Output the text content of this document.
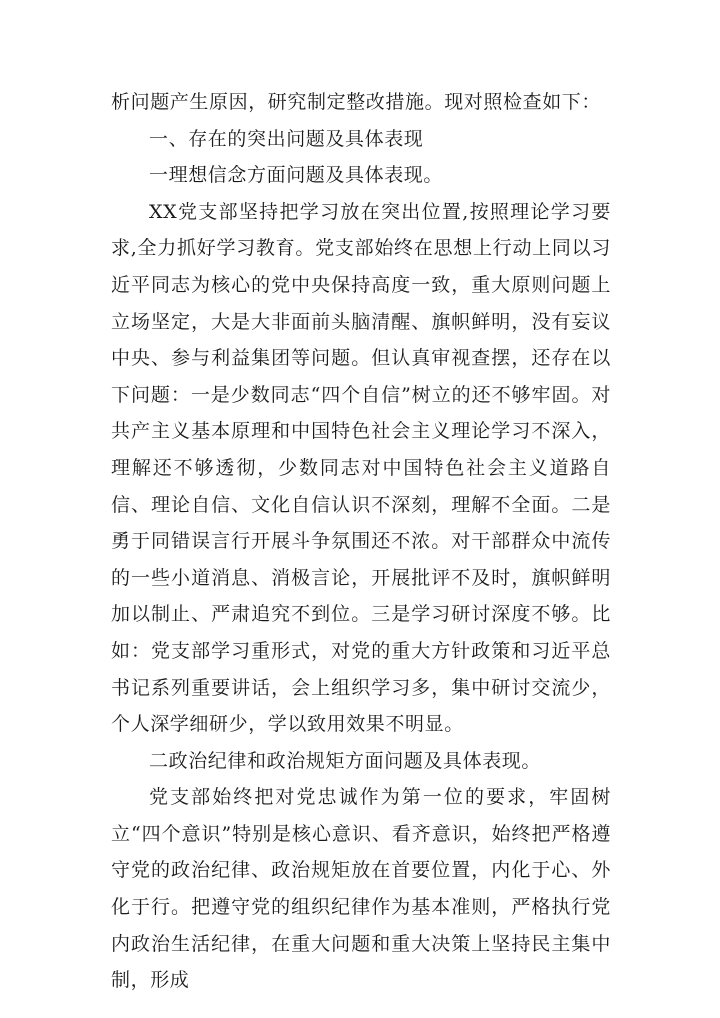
析问题产生原因，研究制定整改措施。现对照检查如下：

一、存在的突出问题及具体表现

一理想信念方面问题及具体表现。

XX党支部坚持把学习放在突出位置,按照理论学习要求,全力抓好学习教育。党支部始终在思想上行动上同以习近平同志为核心的党中央保持高度一致，重大原则问题上立场坚定，大是大非面前头脑清醒、旗帜鲜明，没有妄议中央、参与利益集团等问题。但认真审视查摆，还存在以下问题：一是少数同志“四个自信”树立的还不够牢固。对共产主义基本原理和中国特色社会主义理论学习不深入，理解还不够透彻，少数同志对中国特色社会主义道路自信、理论自信、文化自信认识不深刻，理解不全面。二是勇于同错误言行开展斗争氛围还不浓。对干部群众中流传的一些小道消息、消极言论，开展批评不及时，旗帜鲜明加以制止、严肃追究不到位。三是学习研讨深度不够。比如：党支部学习重形式，对党的重大方针政策和习近平总书记系列重要讲话，会上组织学习多，集中研讨交流少，个人深学细研少，学以致用效果不明显。

二政治纪律和政治规矩方面问题及具体表现。

党支部始终把对党忠诚作为第一位的要求，牢固树立“四个意识”特别是核心意识、看齐意识，始终把严格遵守党的政治纪律、政治规矩放在首要位置，内化于心、外化于行。把遵守党的组织纪律作为基本准则，严格执行党内政治生活纪律，在重大问题和重大决策上坚持民主集中制，形成
